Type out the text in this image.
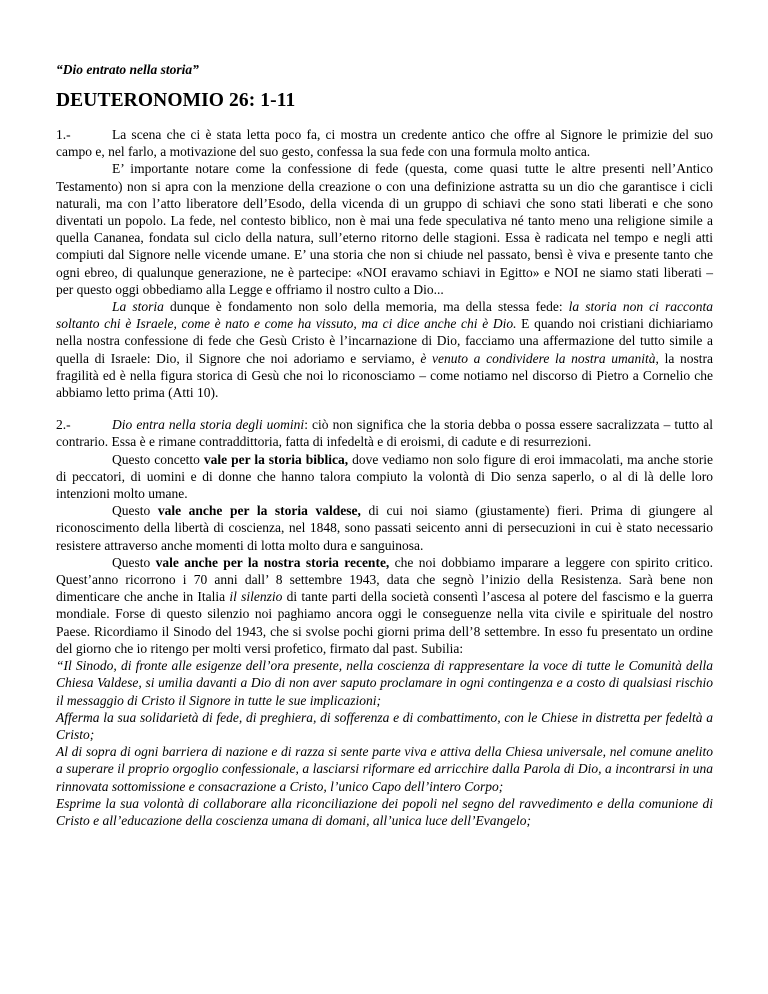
“Dio entrato nella storia”
DEUTERONOMIO 26: 1-11

1.-	La scena che ci è stata letta poco fa, ci mostra un credente antico che offre al Signore le primizie del suo campo e, nel farlo, a motivazione del suo gesto, confessa la sua fede con una formula molto antica.

E’ importante notare come la confessione di fede (questa, come quasi tutte le altre presenti nell’Antico Testamento) non si apra con la menzione della creazione o con una definizione astratta su un dio che garantisce i cicli naturali, ma con l’atto liberatore dell’Esodo, della vicenda di un gruppo di schiavi che sono stati liberati e che sono diventati un popolo. La fede, nel contesto biblico, non è mai una fede speculativa né tanto meno una religione simile a quella Cananea, fondata sul ciclo della natura, sull’eterno ritorno delle stagioni. Essa è radicata nel tempo e negli atti compiuti dal Signore nelle vicende umane. E’ una storia che non si chiude nel passato, bensì è viva e presente tanto che ogni ebreo, di qualunque generazione, ne è partecipe: «NOI eravamo schiavi in Egitto» e NOI ne siamo stati liberati – per questo oggi obbediamo alla Legge e offriamo il nostro culto a Dio...

La storia dunque è fondamento non solo della memoria, ma della stessa fede: la storia non ci racconta soltanto chi è Israele, come è nato e come ha vissuto, ma ci dice anche chi è Dio. E quando noi cristiani dichiariamo nella nostra confessione di fede che Gesù Cristo è l’incarnazione di Dio, facciamo una affermazione del tutto simile a quella di Israele: Dio, il Signore che noi adoriamo e serviamo, è venuto a condividere la nostra umanità, la nostra fragilità ed è nella figura storica di Gesù che noi lo riconosciamo – come notiamo nel discorso di Pietro a Cornelio che abbiamo letto prima (Atti 10).

2.-	Dio entra nella storia degli uomini: ciò non significa che la storia debba o possa essere sacralizzata – tutto al contrario. Essa è e rimane contraddittoria, fatta di infedeltà e di eroismi, di cadute e di resurrezioni.

Questo concetto vale per la storia biblica, dove vediamo non solo figure di eroi immacolati, ma anche storie di peccatori, di uomini e di donne che hanno talora compiuto la volontà di Dio senza saperlo, o al di là delle loro intenzioni molto umane.

Questo vale anche per la storia valdese, di cui noi siamo (giustamente) fieri. Prima di giungere al riconoscimento della libertà di coscienza, nel 1848, sono passati seicento anni di persecuzioni in cui è stato necessario resistere attraverso anche momenti di lotta molto dura e sanguinosa.

Questo vale anche per la nostra storia recente, che noi dobbiamo imparare a leggere con spirito critico. Quest’anno ricorrono i 70 anni dall’ 8 settembre 1943, data che segnò l’inizio della Resistenza. Sarà bene non dimenticare che anche in Italia il silenzio di tante parti della società consentì l’ascesa al potere del fascismo e la guerra mondiale. Forse di questo silenzio noi paghiamo ancora oggi le conseguenze nella vita civile e spirituale del nostro Paese. Ricordiamo il Sinodo del 1943, che si svolse pochi giorni prima dell’8 settembre. In esso fu presentato un ordine del giorno che io ritengo per molti versi profetico, firmato dal past. Subilia:

“Il Sinodo, di fronte alle esigenze dell’ora presente, nella coscienza di rappresentare la voce di tutte le Comunità della Chiesa Valdese, si umilia davanti a Dio di non aver saputo proclamare in ogni contingenza e a costo di qualsiasi rischio il messaggio di Cristo il Signore in tutte le sue implicazioni;

Afferma la sua solidarietà di fede, di preghiera, di sofferenza e di combattimento, con le Chiese in distretta per fedeltà a Cristo;

Al di sopra di ogni barriera di nazione e di razza si sente parte viva e attiva della Chiesa universale, nel comune anelito a superare il proprio orgoglio confessionale, a lasciarsi riformare ed arricchire dalla Parola di Dio, a incontrarsi in una rinnovata sottomissione e consacrazione a Cristo, l’unico Capo dell’intero Corpo;

Esprime la sua volontà di collaborare alla riconciliazione dei popoli nel segno del ravvedimento e della comunione di Cristo e all’educazione della coscienza umana di domani, all’unica luce dell’Evangelo;
